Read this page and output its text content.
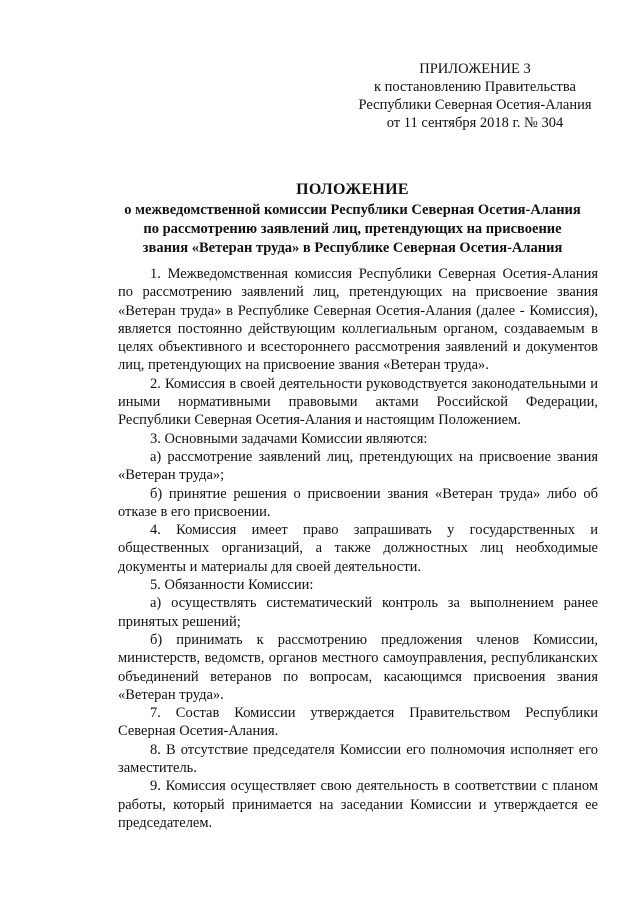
ПРИЛОЖЕНИЕ 3
к постановлению Правительства
Республики Северная Осетия-Алания
от 11 сентября 2018 г. № 304
ПОЛОЖЕНИЕ
о межведомственной комиссии Республики Северная Осетия-Алания
по рассмотрению заявлений лиц, претендующих на присвоение
звания «Ветеран труда» в Республике Северная Осетия-Алания

1. Межведомственная комиссия Республики Северная Осетия-Алания по рассмотрению заявлений лиц, претендующих на присвоение звания «Ветеран труда» в Республике Северная Осетия-Алания (далее - Комиссия), является постоянно действующим коллегиальным органом, создаваемым в целях объективного и всестороннего рассмотрения заявлений и документов лиц, претендующих на присвоение звания «Ветеран труда».

2. Комиссия в своей деятельности руководствуется законодательными и иными нормативными правовыми актами Российской Федерации, Республики Северная Осетия-Алания и настоящим Положением.

3. Основными задачами Комиссии являются:

а) рассмотрение заявлений лиц, претендующих на присвоение звания «Ветеран труда»;

б) принятие решения о присвоении звания «Ветеран труда» либо об отказе в его присвоении.

4. Комиссия имеет право запрашивать у государственных и общественных организаций, а также должностных лиц необходимые документы и материалы для своей деятельности.

5. Обязанности Комиссии:

а) осуществлять систематический контроль за выполнением ранее принятых решений;

б) принимать к рассмотрению предложения членов Комиссии, министерств, ведомств, органов местного самоуправления, республиканских объединений ветеранов по вопросам, касающимся присвоения звания «Ветеран труда».

7. Состав Комиссии утверждается Правительством Республики Северная Осетия-Алания.

8. В отсутствие председателя Комиссии его полномочия исполняет его заместитель.

9. Комиссия осуществляет свою деятельность в соответствии с планом работы, который принимается на заседании Комиссии и утверждается ее председателем.
